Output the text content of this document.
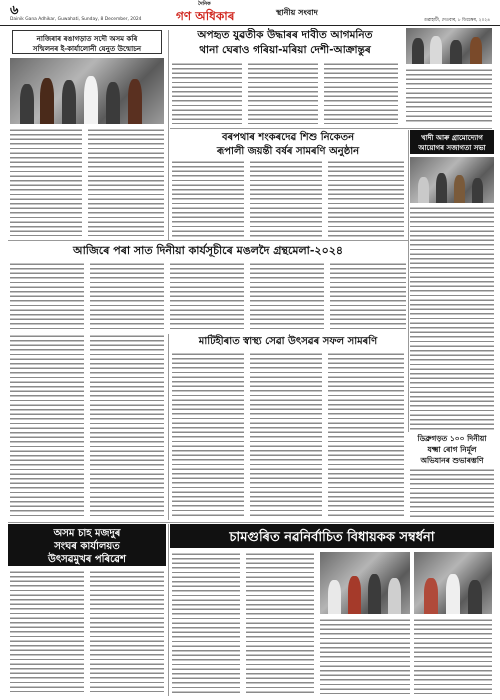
৬
Dainik Gana Adhikar, Guwahati, Sunday, 8 December, 2024
দৈনিক
গণ অধিকাৰ	স্থানীয় সংবাদ
গুৱাহাটী, দেওবাৰ, ৮ ডিচেম্বৰ, ২০২৪
নাজিৰাৰ ৰঙাগড়াত সদৌ অসম কৰি
সন্মিলনৰ ই-কাৰ্যালোনী যেনুত উন্মোচন
অপহৃত যুৱতীক উদ্ধাৰৰ দাবীত আগমনিত
থানা ঘেৰাও গৰিয়া-মৰিয়া দেশী-আক্ৰান্তুৰ
বৰপথাৰ শংকৰদেৱ শিশু নিকেতন
ৰূপালী জয়ন্তী বৰ্ষৰ সামৰণি অনুষ্ঠান
খাদী আৰু গ্ৰামোদ্যোগ
আয়োগৰ সজাগতা সভা
আজিৰে পৰা সাত দিনীয়া কাৰ্যসূচীৰে মঙলদৈ গ্ৰন্থমেলা-২০২৪
মাটিহীৰাত স্বাস্থ্য সেৱা উৎসৱৰ সফল সামৰণি
ডিব্ৰুগড়ত ১০০ দিনীয়া
যক্ষ্মা ৰোগ নিৰ্মূল
অভিযানৰ শুভাৰম্ভণি
অসম চাহ মজদুৰ
সংঘৰ কাৰ্যালয়ত
উৎসৱমুখৰ পৰিৱেশ
চামগুৰিত নৱনিৰ্বাচিত বিধায়কক সম্বৰ্ধনা
